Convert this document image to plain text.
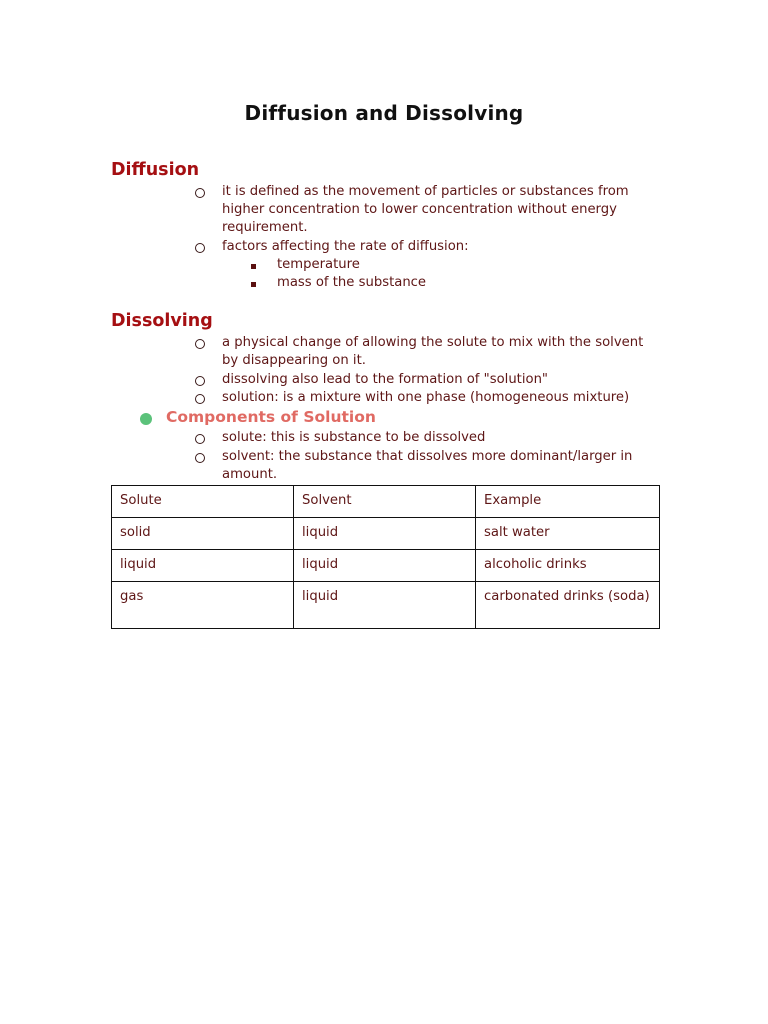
Diffusion and Dissolving
Diffusion
it is defined as the movement of particles or substances from higher concentration to lower concentration without energy requirement.
factors affecting the rate of diffusion:
temperature
mass of the substance
Dissolving
a physical change of allowing the solute to mix with the solvent by disappearing on it.
dissolving also lead to the formation of "solution"
solution: is a mixture with one phase (homogeneous mixture)
Components of Solution
solute: this is substance to be dissolved
solvent: the substance that dissolves more dominant/larger in amount.
Solute	Solvent	Example
solid	liquid	salt water
liquid	liquid	alcoholic drinks
gas	liquid	carbonated drinks (soda)
